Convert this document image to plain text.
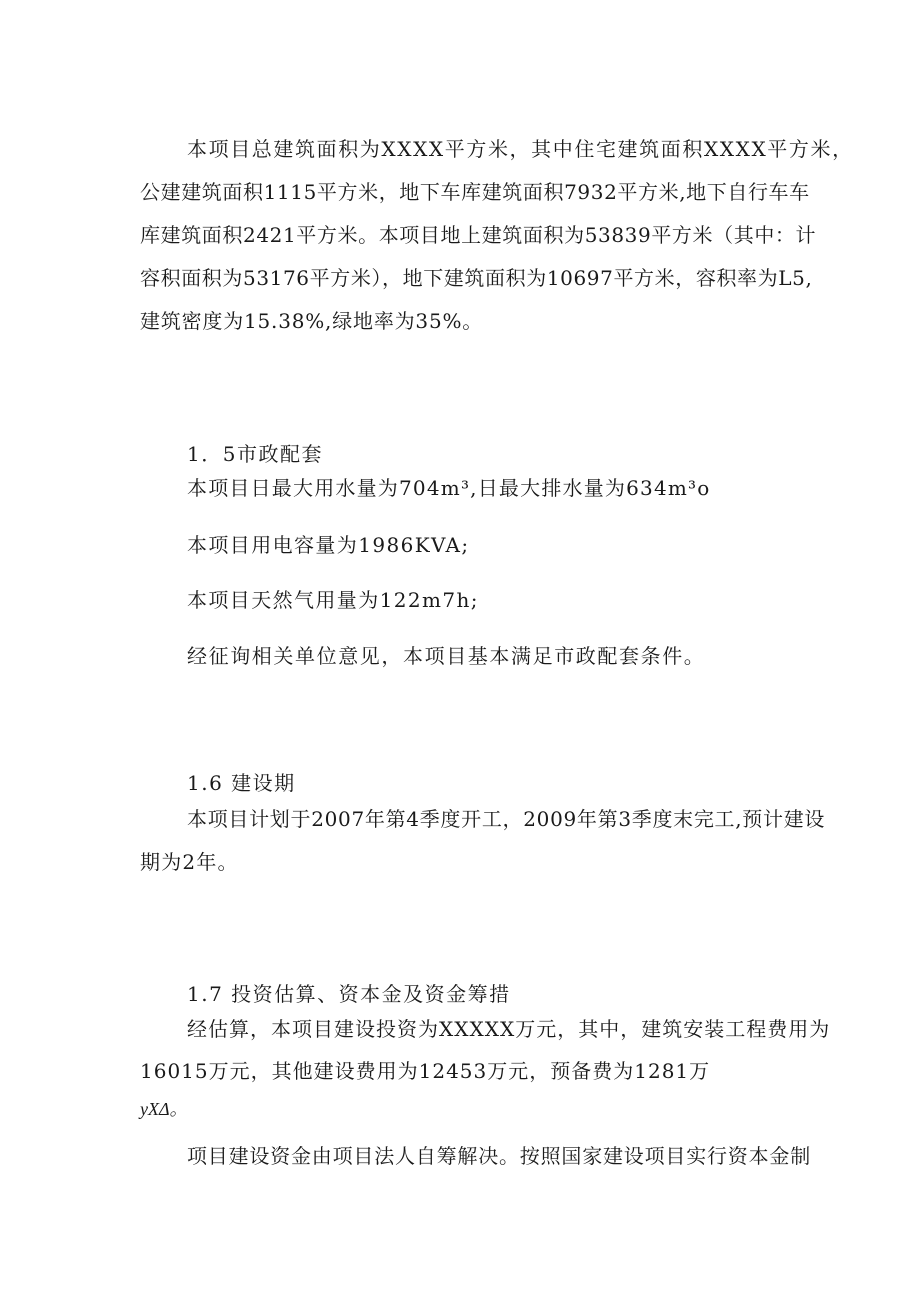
本项目总建筑面积为XXXX平方米，其中住宅建筑面积XXXX平方米，

公建建筑面积1115平方米，地下车库建筑面积7932平方米,地下自行车车

库建筑面积2421平方米。本项目地上建筑面积为53839平方米（其中：计

容积面积为53176平方米），地下建筑面积为10697平方米，容积率为L5,

建筑密度为15.38%,绿地率为35%。

1．5市政配套

本项目日最大用水量为704m³,日最大排水量为634m³o

本项目用电容量为1986KVA;

本项目天然气用量为122m7h;

经征询相关单位意见，本项目基本满足市政配套条件。

1.6 建设期

本项目计划于2007年第4季度开工，2009年第3季度末完工,预计建设

期为2年。

1.7 投资估算、资本金及资金筹措

经估算，本项目建设投资为XXXXX万元，其中，建筑安装工程费用为

16015万元，其他建设费用为12453万元，预备费为1281万

yXΔ。

项目建设资金由项目法人自筹解决。按照国家建设项目实行资本金制
